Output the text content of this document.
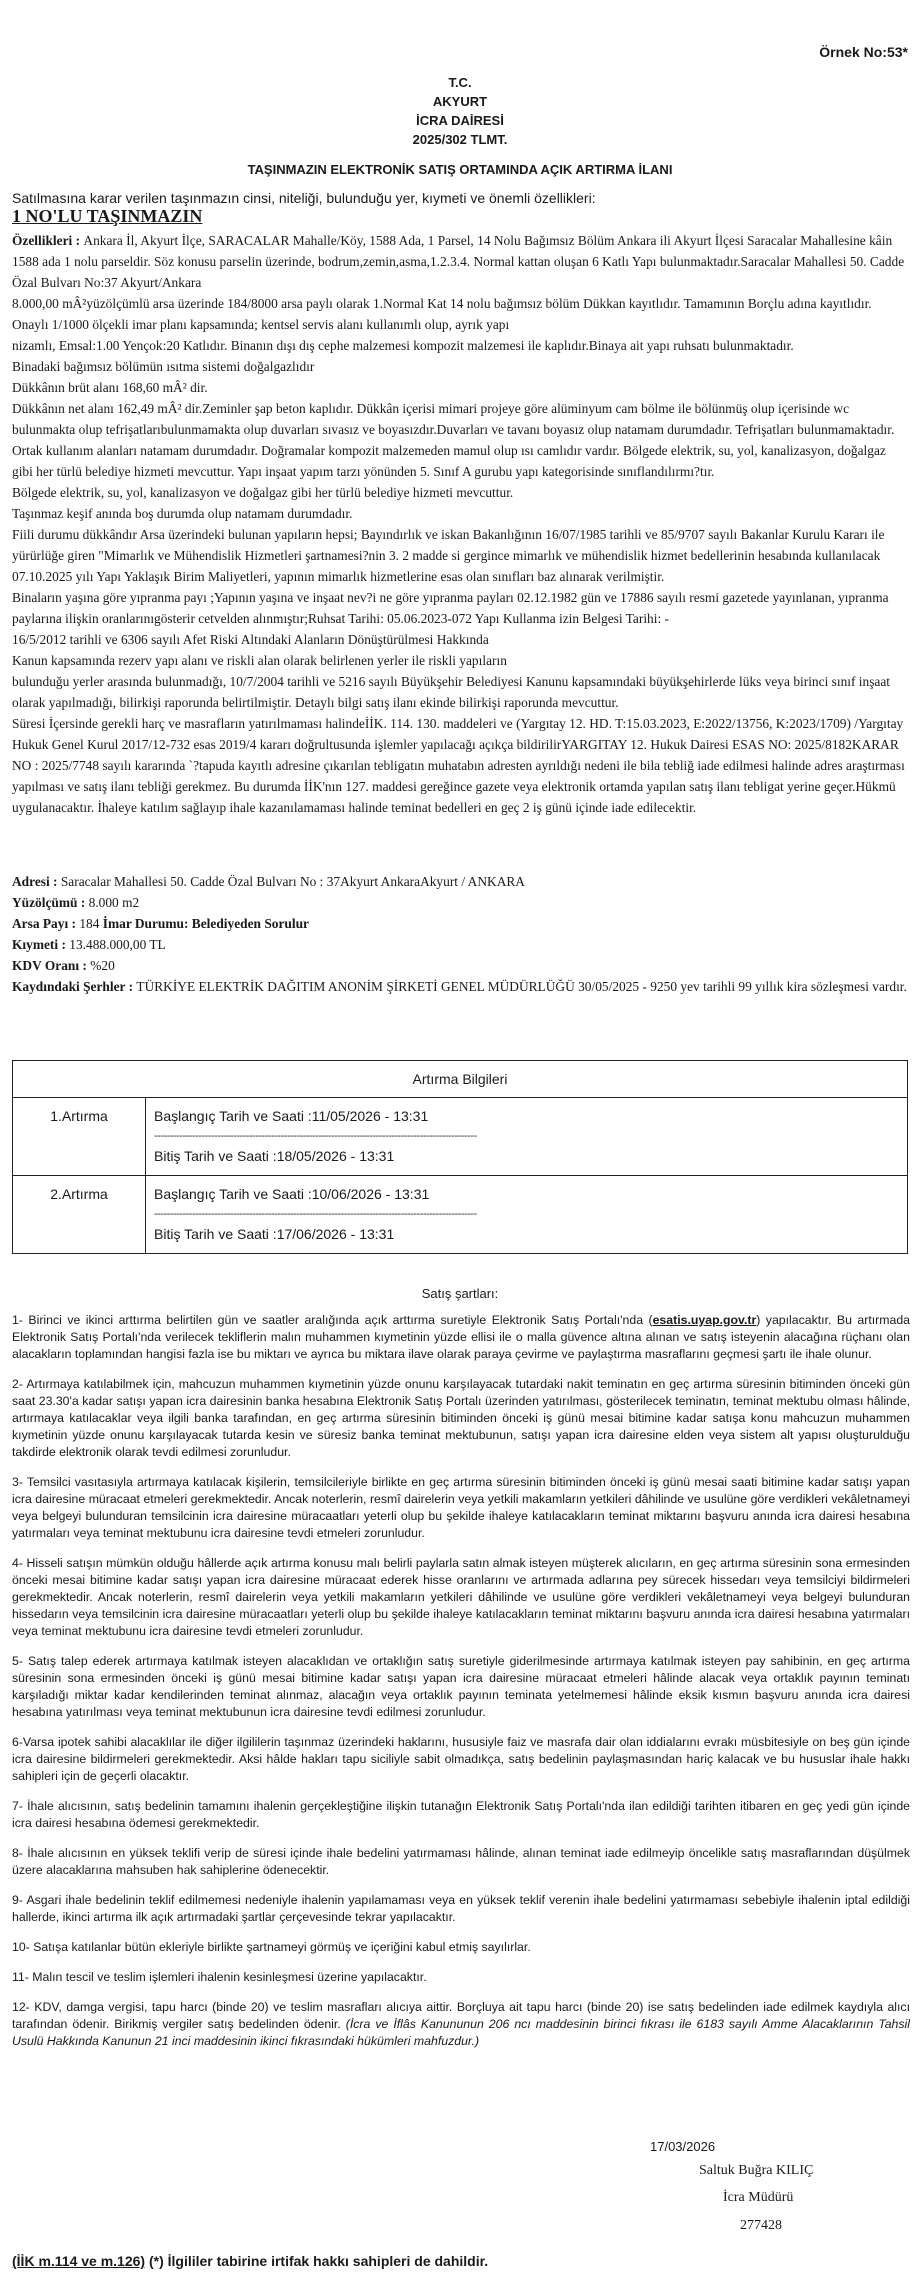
Örnek No:53*
T.C.
AKYURT
İCRA DAİRESİ
2025/302 TLMT.
TAŞINMAZIN ELEKTRONİK SATIŞ ORTAMINDA AÇIK ARTIRMA İLANI
Satılmasına karar verilen taşınmazın cinsi, niteliği, bulunduğu yer, kıymeti ve önemli özellikleri:
1 NO'LU TAŞINMAZIN

Özellikleri : Ankara İl, Akyurt İlçe, SARACALAR Mahalle/Köy, 1588 Ada, 1 Parsel, 14 Nolu Bağımsız Bölüm Ankara ili Akyurt İlçesi Saracalar Mahallesine kâin 1588 ada 1 nolu parseldir. Söz konusu parselin üzerinde, bodrum,zemin,asma,1.2.3.4. Normal kattan oluşan 6 Katlı Yapı bulunmaktadır.Saracalar Mahallesi 50. Cadde Özal Bulvarı No:37 Akyurt/Ankara

8.000,00 mÂ²yüzölçümlü arsa üzerinde 184/8000 arsa paylı olarak 1.Normal Kat 14 nolu bağımsız bölüm Dükkan kayıtlıdır. Tamamının Borçlu adına kayıtlıdır.

Onaylı 1/1000 ölçekli imar planı kapsamında; kentsel servis alanı kullanımlı olup, ayrık yapı

nizamlı, Emsal:1.00 Yençok:20 Katlıdır. Binanın dışı dış cephe malzemesi kompozit malzemesi ile kaplıdır.Binaya ait yapı ruhsatı bulunmaktadır.

Binadaki bağımsız bölümün ısıtma sistemi doğalgazlıdır

Dükkânın brüt alanı 168,60 mÂ² dir.

Dükkânın net alanı 162,49 mÂ² dir.Zeminler şap beton kaplıdır. Dükkân içerisi mimari projeye göre alüminyum cam bölme ile bölünmüş olup içerisinde wc bulunmakta olup tefrişatlarıbulunmamakta olup duvarları sıvasız ve boyasızdır.Duvarları ve tavanı boyasız olup natamam durumdadır. Tefrişatları bulunmamaktadır.

Ortak kullanım alanları natamam durumdadır. Doğramalar kompozit malzemeden mamul olup ısı camlıdır vardır. Bölgede elektrik, su, yol, kanalizasyon, doğalgaz gibi her türlü belediye hizmeti mevcuttur. Yapı inşaat yapım tarzı yönünden 5. Sınıf A gurubu yapı kategorisinde sınıflandılırmı?tır.

Bölgede elektrik, su, yol, kanalizasyon ve doğalgaz gibi her türlü belediye hizmeti mevcuttur.

Taşınmaz keşif anında boş durumda olup natamam durumdadır.

Fiili durumu dükkândır Arsa üzerindeki bulunan yapıların hepsi; Bayındırlık ve iskan Bakanlığının 16/07/1985 tarihli ve 85/9707 sayılı Bakanlar Kurulu Kararı ile yürürlüğe giren "Mimarlık ve Mühendislik Hizmetleri şartnamesi?nin 3. 2 madde si gergince mimarlık ve mühendislik hizmet bedellerinin hesabında kullanılacak 07.10.2025 yılı Yapı Yaklaşık Birim Maliyetleri, yapının mimarlık hizmetlerine esas olan sınıfları baz alınarak verilmiştir.

Binaların yaşına göre yıpranma payı ;Yapının yaşına ve inşaat nev?i ne göre yıpranma payları 02.12.1982 gün ve 17886 sayılı resmi gazetede yayınlanan, yıpranma paylarına ilişkin oranlarınıgösterir cetvelden alınmıştır;Ruhsat Tarihi: 05.06.2023-072 Yapı Kullanma izin Belgesi Tarihi: -

16/5/2012 tarihli ve 6306 sayılı Afet Riski Altındaki Alanların Dönüştürülmesi Hakkında

Kanun kapsamında rezerv yapı alanı ve riskli alan olarak belirlenen yerler ile riskli yapıların

bulunduğu yerler arasında bulunmadığı, 10/7/2004 tarihli ve 5216 sayılı Büyükşehir Belediyesi Kanunu kapsamındaki büyükşehirlerde lüks veya birinci sınıf inşaat olarak yapılmadığı, bilirkişi raporunda belirtilmiştir. Detaylı bilgi satış ilanı ekinde bilirkişi raporunda mevcuttur.

Süresi İçersinde gerekli harç ve masrafların yatırılmaması halindeİİK. 114. 130. maddeleri ve (Yargıtay 12. HD. T:15.03.2023, E:2022/13756, K:2023/1709) /Yargıtay Hukuk Genel Kurul 2017/12-732 esas 2019/4 kararı doğrultusunda işlemler yapılacağı açıkça bildirilirYARGITAY 12. Hukuk Dairesi ESAS NO: 2025/8182KARAR NO : 2025/7748 sayılı kararında `?tapuda kayıtlı adresine çıkarılan tebligatın muhatabın adresten ayrıldığı nedeni ile bila tebliğ iade edilmesi halinde adres araştırması yapılması ve satış ilanı tebliği gerekmez. Bu durumda İİK'nın 127. maddesi gereğince gazete veya elektronik ortamda yapılan satış ilanı tebligat yerine geçer.Hükmü uygulanacaktır. İhaleye katılım sağlayıp ihale kazanılamaması halinde teminat bedelleri en geç 2 iş günü içinde iade edilecektir.

Adresi : Saracalar Mahallesi 50. Cadde Özal Bulvarı No : 37Akyurt AnkaraAkyurt / ANKARA

Yüzölçümü : 8.000 m2

Arsa Payı : 184 İmar Durumu: Belediyeden Sorulur

Kıymeti : 13.488.000,00 TL

KDV Oranı : %20

Kaydındaki Şerhler : TÜRKİYE ELEKTRİK DAĞITIM ANONİM ŞİRKETİ GENEL MÜDÜRLÜĞÜ 30/05/2025 - 9250 yev tarihli 99 yıllık kira sözleşmesi vardır.

Artırma Bilgileri	
1.Artırma	Başlangıç Tarih ve Saati : 11/05/2026 - 13:31
------------------------------------------------------------------------------------------------------
Bitiş Tarih ve Saati : 18/05/2026 - 13:31

2.Artırma	Başlangıç Tarih ve Saati : 10/06/2026 - 13:31
------------------------------------------------------------------------------------------------------
Bitiş Tarih ve Saati : 17/06/2026 - 13:31
Satış şartları:

1- Birinci ve ikinci arttırma belirtilen gün ve saatler aralığında açık arttırma suretiyle Elektronik Satış Portalı'nda (esatis.uyap.gov.tr) yapılacaktır. Bu artırmada Elektronik Satış Portalı'nda verilecek tekliflerin malın muhammen kıymetinin yüzde ellisi ile o malla güvence altına alınan ve satış isteyenin alacağına rüçhanı olan alacakların toplamından hangisi fazla ise bu miktarı ve ayrıca bu miktara ilave olarak paraya çevirme ve paylaştırma masraflarını geçmesi şartı ile ihale olunur.

2- Artırmaya katılabilmek için, mahcuzun muhammen kıymetinin yüzde onunu karşılayacak tutardaki nakit teminatın en geç artırma süresinin bitiminden önceki gün saat 23.30'a kadar satışı yapan icra dairesinin banka hesabına Elektronik Satış Portalı üzerinden yatırılması, gösterilecek teminatın, teminat mektubu olması hâlinde, artırmaya katılacaklar veya ilgili banka tarafından, en geç artırma süresinin bitiminden önceki iş günü mesai bitimine kadar satışa konu mahcuzun muhammen kıymetinin yüzde onunu karşılayacak tutarda kesin ve süresiz banka teminat mektubunun, satışı yapan icra dairesine elden veya sistem alt yapısı oluşturulduğu takdirde elektronik olarak tevdi edilmesi zorunludur.

3- Temsilci vasıtasıyla artırmaya katılacak kişilerin, temsilcileriyle birlikte en geç artırma süresinin bitiminden önceki iş günü mesai saati bitimine kadar satışı yapan icra dairesine müracaat etmeleri gerekmektedir. Ancak noterlerin, resmî dairelerin veya yetkili makamların yetkileri dâhilinde ve usulüne göre verdikleri vekâletnameyi veya belgeyi bulunduran temsilcinin icra dairesine müracaatları yeterli olup bu şekilde ihaleye katılacakların teminat miktarını başvuru anında icra dairesi hesabına yatırmaları veya teminat mektubunu icra dairesine tevdi etmeleri zorunludur.

4- Hisseli satışın mümkün olduğu hâllerde açık artırma konusu malı belirli paylarla satın almak isteyen müşterek alıcıların, en geç artırma süresinin sona ermesinden önceki mesai bitimine kadar satışı yapan icra dairesine müracaat ederek hisse oranlarını ve artırmada adlarına pey sürecek hissedarı veya temsilciyi bildirmeleri gerekmektedir. Ancak noterlerin, resmî dairelerin veya yetkili makamların yetkileri dâhilinde ve usulüne göre verdikleri vekâletnameyi veya belgeyi bulunduran hissedarın veya temsilcinin icra dairesine müracaatları yeterli olup bu şekilde ihaleye katılacakların teminat miktarını başvuru anında icra dairesi hesabına yatırmaları veya teminat mektubunu icra dairesine tevdi etmeleri zorunludur.

5- Satış talep ederek artırmaya katılmak isteyen alacaklıdan ve ortaklığın satış suretiyle giderilmesinde artırmaya katılmak isteyen pay sahibinin, en geç artırma süresinin sona ermesinden önceki iş günü mesai bitimine kadar satışı yapan icra dairesine müracaat etmeleri hâlinde alacak veya ortaklık payının teminatı karşıladığı miktar kadar kendilerinden teminat alınmaz, alacağın veya ortaklık payının teminata yetelmemesi hâlinde eksik kısmın başvuru anında icra dairesi hesabına yatırılması veya teminat mektubunun icra dairesine tevdi edilmesi zorunludur.

6-Varsa ipotek sahibi alacaklılar ile diğer ilgililerin taşınmaz üzerindeki haklarını, hususiyle faiz ve masrafa dair olan iddialarını evrakı müsbitesiyle on beş gün içinde icra dairesine bildirmeleri gerekmektedir. Aksi hâlde hakları tapu siciliyle sabit olmadıkça, satış bedelinin paylaşmasından hariç kalacak ve bu hususlar ihale hakkı sahipleri için de geçerli olacaktır.

7- İhale alıcısının, satış bedelinin tamamını ihalenin gerçekleştiğine ilişkin tutanağın Elektronik Satış Portalı'nda ilan edildiği tarihten itibaren en geç yedi gün içinde icra dairesi hesabına ödemesi gerekmektedir.

8- İhale alıcısının en yüksek teklifi verip de süresi içinde ihale bedelini yatırmaması hâlinde, alınan teminat iade edilmeyip öncelikle satış masraflarından düşülmek üzere alacaklarına mahsuben hak sahiplerine ödenecektir.

9- Asgari ihale bedelinin teklif edilmemesi nedeniyle ihalenin yapılamaması veya en yüksek teklif verenin ihale bedelini yatırmaması sebebiyle ihalenin iptal edildiği hallerde, ikinci artırma ilk açık artırmadaki şartlar çerçevesinde tekrar yapılacaktır.

10- Satışa katılanlar bütün ekleriyle birlikte şartnameyi görmüş ve içeriğini kabul etmiş sayılırlar.

11- Malın tescil ve teslim işlemleri ihalenin kesinleşmesi üzerine yapılacaktır.

12- KDV, damga vergisi, tapu harcı (binde 20) ve teslim masrafları alıcıya aittir. Borçluya ait tapu harcı (binde 20) ise satış bedelinden iade edilmek kaydıyla alıcı tarafından ödenir. Birikmiş vergiler satış bedelinden ödenir. (İcra ve İflâs Kanununun 206 ncı maddesinin birinci fıkrası ile 6183 sayılı Amme Alacaklarının Tahsil Usulü Hakkında Kanunun 21 inci maddesinin ikinci fıkrasındaki hükümleri mahfuzdur.)

17/03/2026
Saltuk Buğra KILIÇ
İcra Müdürü
277428
(İİK m.114 ve m.126) (*) İlgililer tabirine irtifak hakkı sahipleri de dahildir.
